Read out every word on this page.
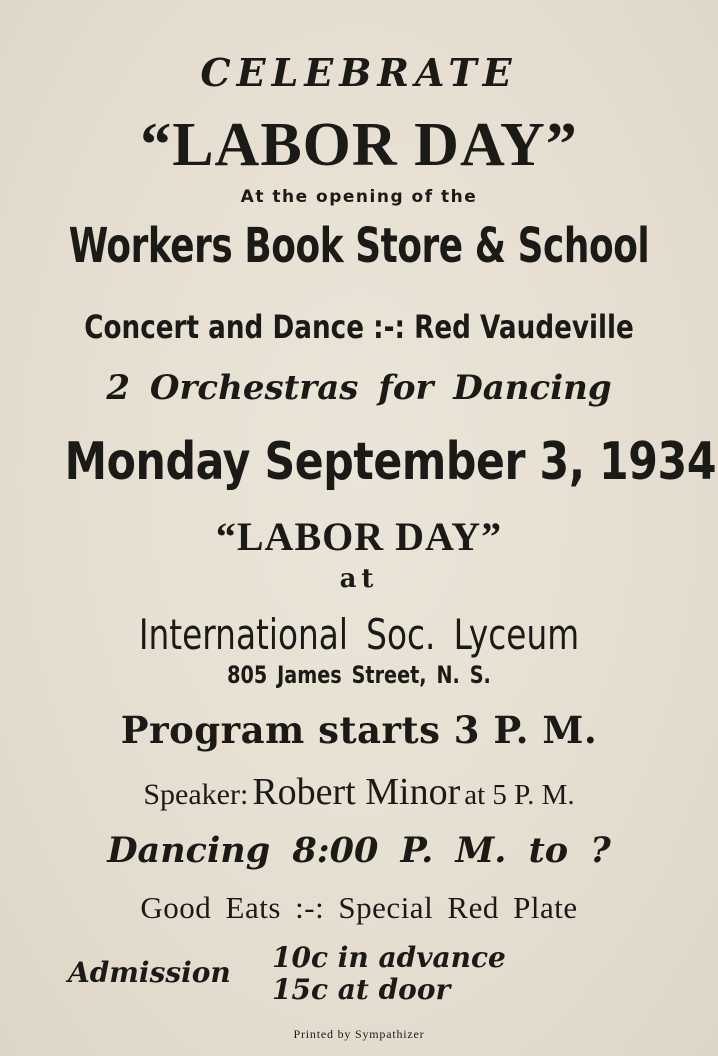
CELEBRATE
“LABOR DAY”
At the opening of the
Workers Book Store & School
Concert and Dance :-: Red Vaudeville
2 Orchestras for Dancing
Monday September 3, 1934
“LABOR DAY”
at
International Soc. Lyceum
805 James Street, N. S.
Program starts 3 P. M.
Speaker: Robert Minor at 5 P. M.
Dancing 8:00 P. M. to ?
Good Eats :-: Special Red Plate
Admission 10c in advance
15c at door
Printed by Sympathizer
